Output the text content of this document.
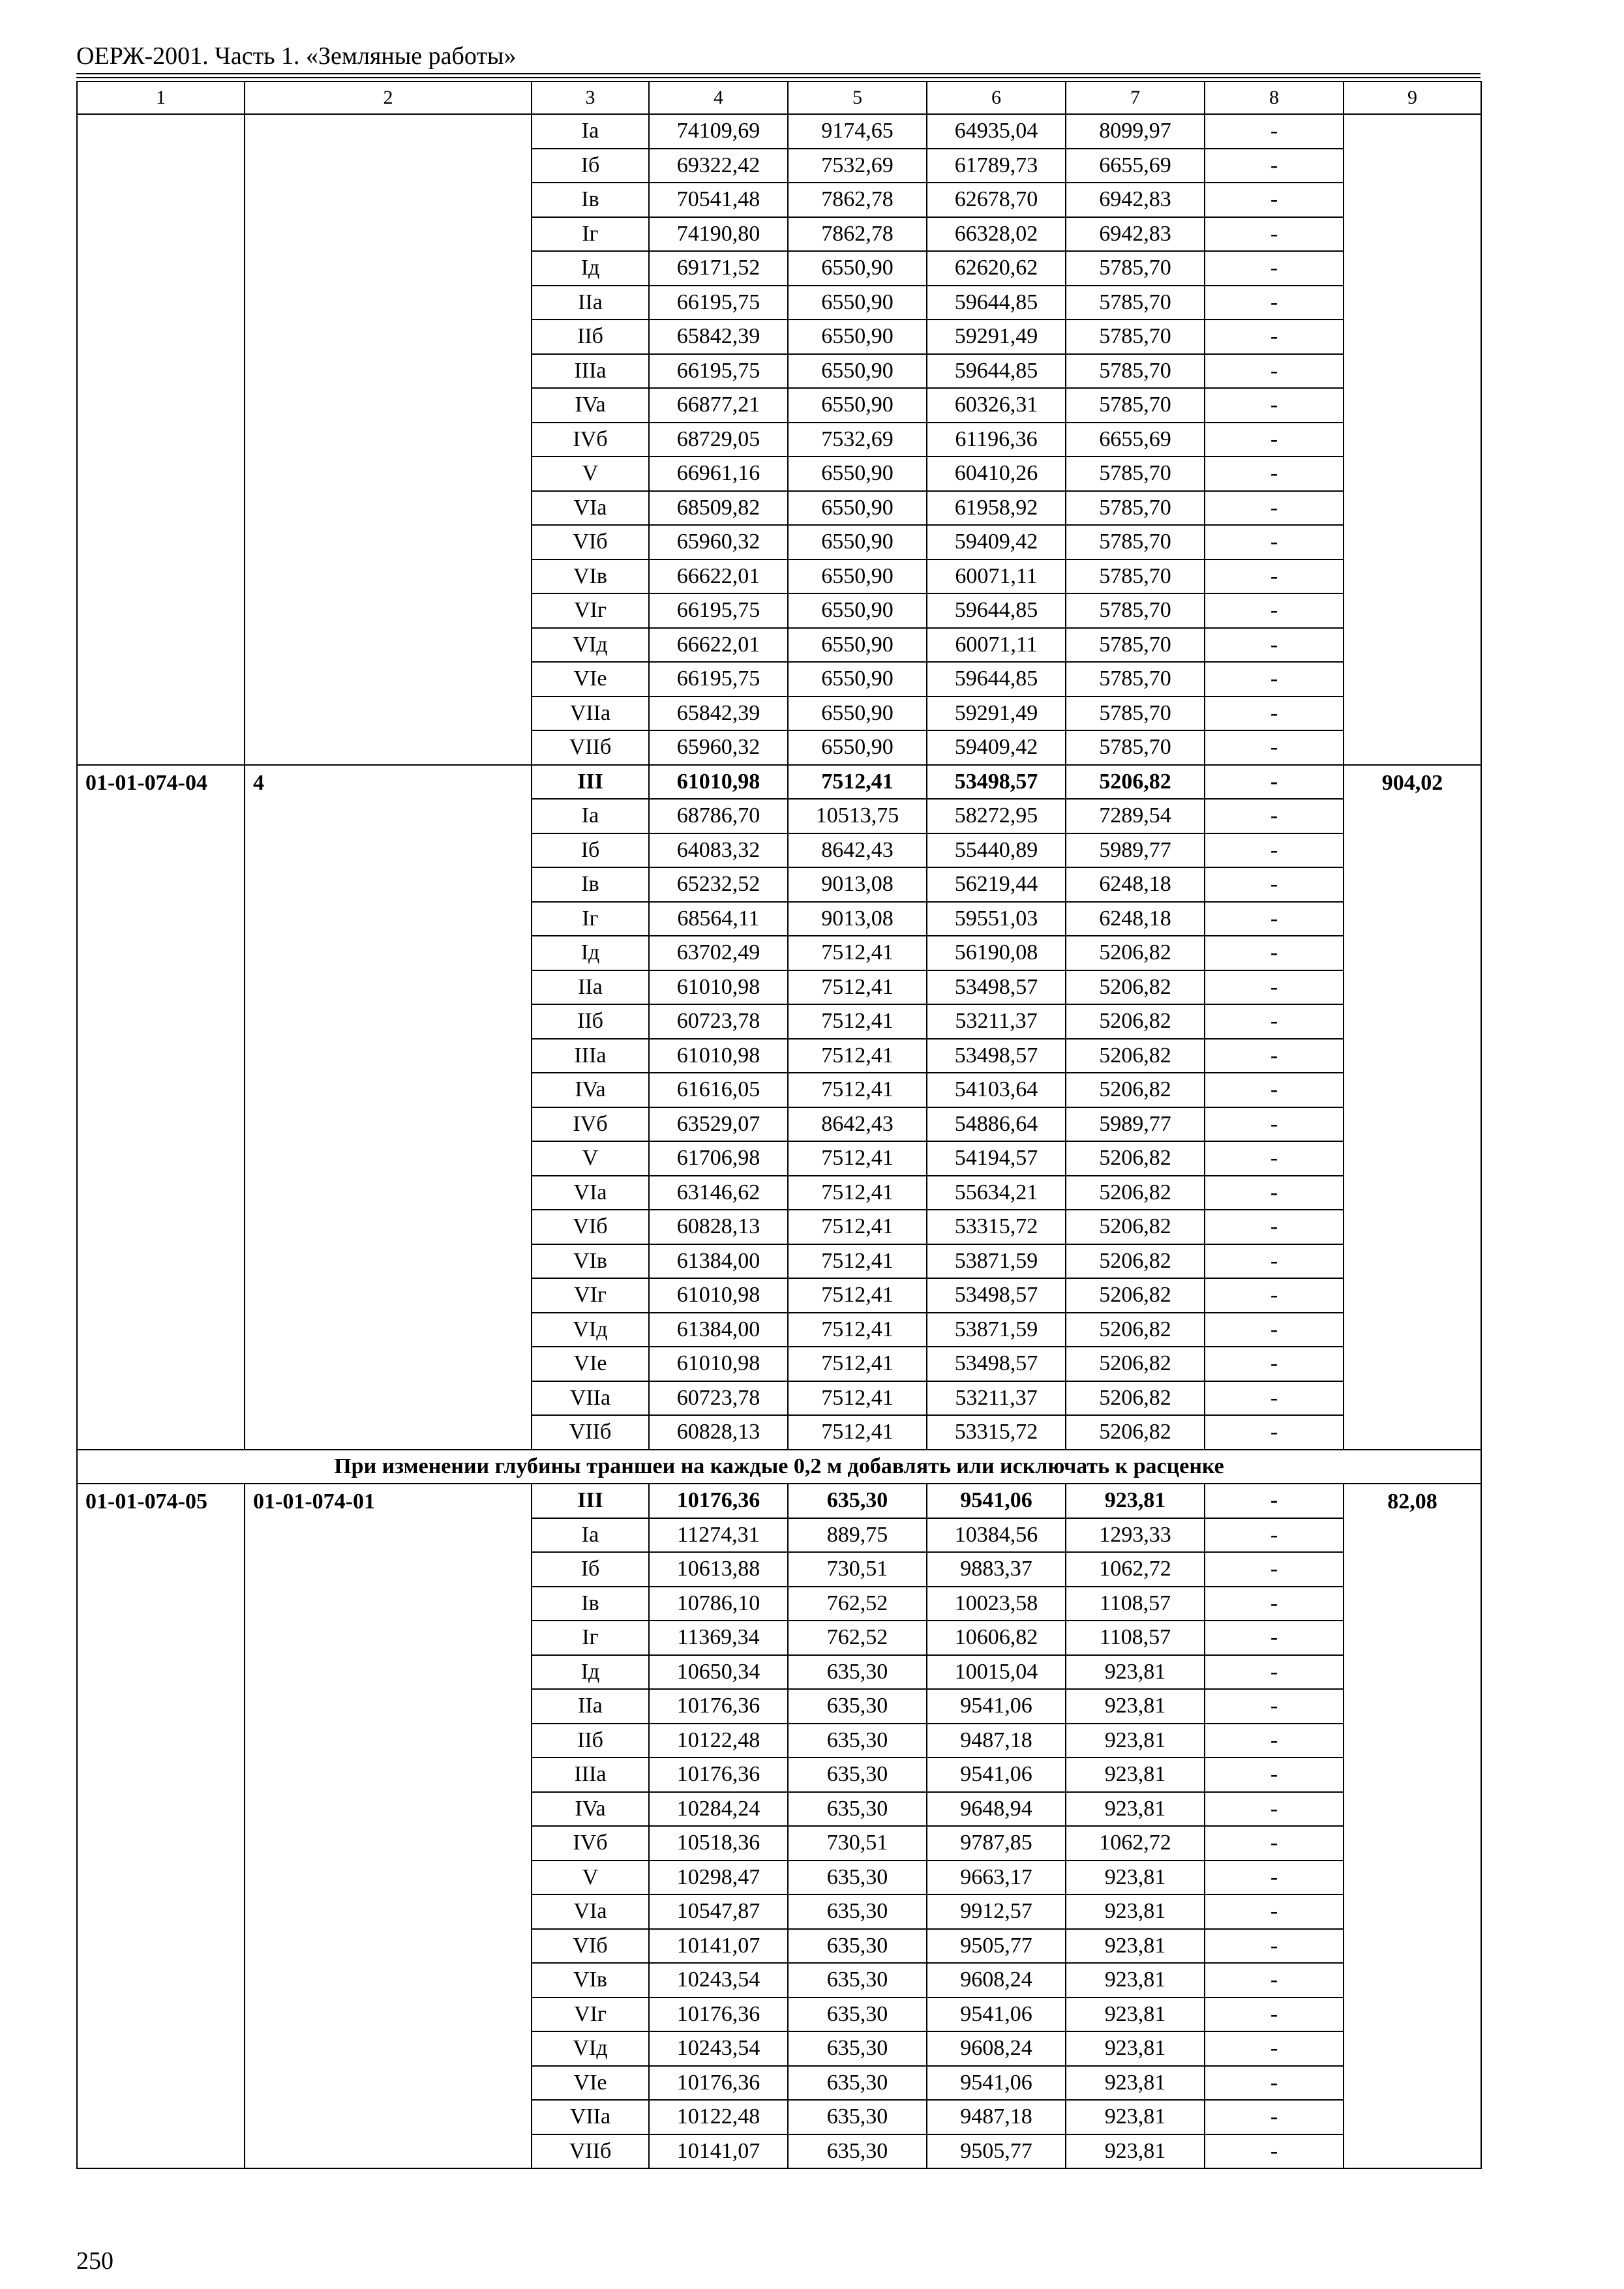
ОЕРЖ-2001. Часть 1. «Земляные работы»
1	2	3	4	5	6	7	8	9
		Ia	74109,69	9174,65	64935,04	8099,97	-	
		Iб	69322,42	7532,69	61789,73	6655,69	-	
		Iв	70541,48	7862,78	62678,70	6942,83	-	
		Iг	74190,80	7862,78	66328,02	6942,83	-	
		Iд	69171,52	6550,90	62620,62	5785,70	-	
		IIa	66195,75	6550,90	59644,85	5785,70	-	
		IIб	65842,39	6550,90	59291,49	5785,70	-	
		IIIa	66195,75	6550,90	59644,85	5785,70	-	
		IVa	66877,21	6550,90	60326,31	5785,70	-	
		IVб	68729,05	7532,69	61196,36	6655,69	-	
		V	66961,16	6550,90	60410,26	5785,70	-	
		VIa	68509,82	6550,90	61958,92	5785,70	-	
		VIб	65960,32	6550,90	59409,42	5785,70	-	
		VIв	66622,01	6550,90	60071,11	5785,70	-	
		VIг	66195,75	6550,90	59644,85	5785,70	-	
		VIд	66622,01	6550,90	60071,11	5785,70	-	
		VIe	66195,75	6550,90	59644,85	5785,70	-	
		VIIa	65842,39	6550,90	59291,49	5785,70	-	
		VIIб	65960,32	6550,90	59409,42	5785,70	-	
01-01-074-04	4	III	61010,98	7512,41	53498,57	5206,82	-	904,02
		Ia	68786,70	10513,75	58272,95	7289,54	-	
		Iб	64083,32	8642,43	55440,89	5989,77	-	
		Iв	65232,52	9013,08	56219,44	6248,18	-	
		Iг	68564,11	9013,08	59551,03	6248,18	-	
		Iд	63702,49	7512,41	56190,08	5206,82	-	
		IIa	61010,98	7512,41	53498,57	5206,82	-	
		IIб	60723,78	7512,41	53211,37	5206,82	-	
		IIIa	61010,98	7512,41	53498,57	5206,82	-	
		IVa	61616,05	7512,41	54103,64	5206,82	-	
		IVб	63529,07	8642,43	54886,64	5989,77	-	
		V	61706,98	7512,41	54194,57	5206,82	-	
		VIa	63146,62	7512,41	55634,21	5206,82	-	
		VIб	60828,13	7512,41	53315,72	5206,82	-	
		VIв	61384,00	7512,41	53871,59	5206,82	-	
		VIг	61010,98	7512,41	53498,57	5206,82	-	
		VIд	61384,00	7512,41	53871,59	5206,82	-	
		VIe	61010,98	7512,41	53498,57	5206,82	-	
		VIIa	60723,78	7512,41	53211,37	5206,82	-	
		VIIб	60828,13	7512,41	53315,72	5206,82	-	
При изменении глубины траншеи на каждые 0,2 м добавлять или исключать к расценке								
01-01-074-05	01-01-074-01	III	10176,36	635,30	9541,06	923,81	-	82,08
		Ia	11274,31	889,75	10384,56	1293,33	-	
		Iб	10613,88	730,51	9883,37	1062,72	-	
		Iв	10786,10	762,52	10023,58	1108,57	-	
		Iг	11369,34	762,52	10606,82	1108,57	-	
		Iд	10650,34	635,30	10015,04	923,81	-	
		IIa	10176,36	635,30	9541,06	923,81	-	
		IIб	10122,48	635,30	9487,18	923,81	-	
		IIIa	10176,36	635,30	9541,06	923,81	-	
		IVa	10284,24	635,30	9648,94	923,81	-	
		IVб	10518,36	730,51	9787,85	1062,72	-	
		V	10298,47	635,30	9663,17	923,81	-	
		VIa	10547,87	635,30	9912,57	923,81	-	
		VIб	10141,07	635,30	9505,77	923,81	-	
		VIв	10243,54	635,30	9608,24	923,81	-	
		VIг	10176,36	635,30	9541,06	923,81	-	
		VIд	10243,54	635,30	9608,24	923,81	-	
		VIe	10176,36	635,30	9541,06	923,81	-	
		VIIa	10122,48	635,30	9487,18	923,81	-	
		VIIб	10141,07	635,30	9505,77	923,81	-	
250
